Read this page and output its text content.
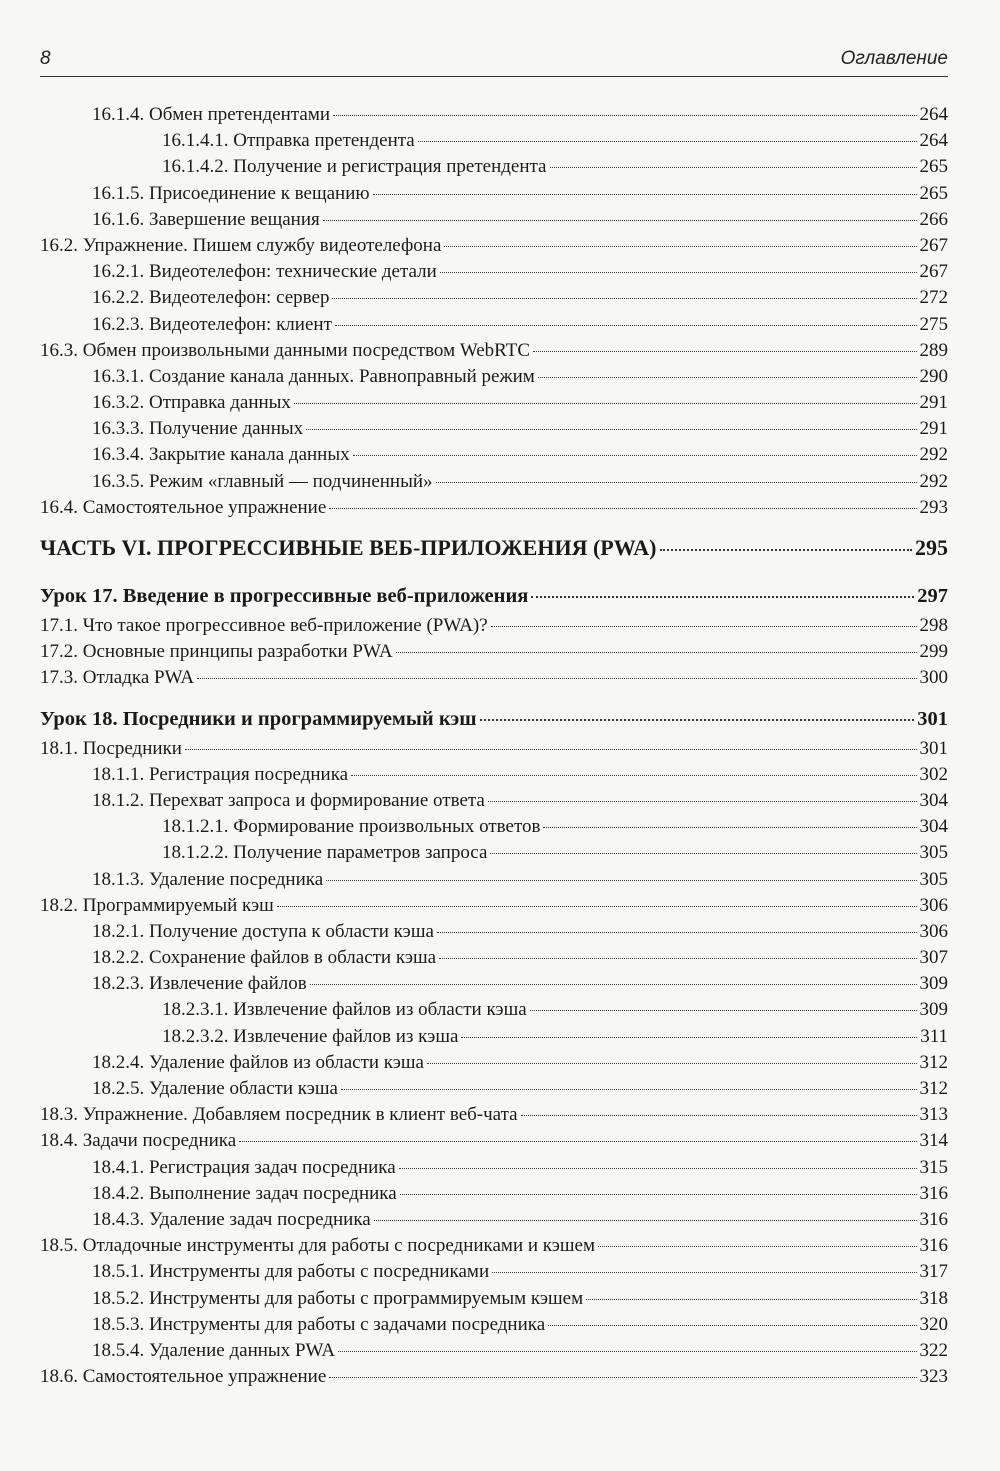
8	Оглавление
16.1.4. Обмен претендентами	264
16.1.4.1. Отправка претендента	264
16.1.4.2. Получение и регистрация претендента	265
16.1.5. Присоединение к вещанию	265
16.1.6. Завершение вещания	266
16.2. Упражнение. Пишем службу видеотелефона	267
16.2.1. Видеотелефон: технические детали	267
16.2.2. Видеотелефон: сервер	272
16.2.3. Видеотелефон: клиент	275
16.3. Обмен произвольными данными посредством WebRTC	289
16.3.1. Создание канала данных. Равноправный режим	290
16.3.2. Отправка данных	291
16.3.3. Получение данных	291
16.3.4. Закрытие канала данных	292
16.3.5. Режим «главный — подчиненный»	292
16.4. Самостоятельное упражнение	293
ЧАСТЬ VI. ПРОГРЕССИВНЫЕ ВЕБ-ПРИЛОЖЕНИЯ (PWA)	295
Урок 17. Введение в прогрессивные веб-приложения	297
17.1. Что такое прогрессивное веб-приложение (PWA)?	298
17.2. Основные принципы разработки PWA	299
17.3. Отладка PWA	300
Урок 18. Посредники и программируемый кэш	301
18.1. Посредники	301
18.1.1. Регистрация посредника	302
18.1.2. Перехват запроса и формирование ответа	304
18.1.2.1. Формирование произвольных ответов	304
18.1.2.2. Получение параметров запроса	305
18.1.3. Удаление посредника	305
18.2. Программируемый кэш	306
18.2.1. Получение доступа к области кэша	306
18.2.2. Сохранение файлов в области кэша	307
18.2.3. Извлечение файлов	309
18.2.3.1. Извлечение файлов из области кэша	309
18.2.3.2. Извлечение файлов из кэша	311
18.2.4. Удаление файлов из области кэша	312
18.2.5. Удаление области кэша	312
18.3. Упражнение. Добавляем посредник в клиент веб-чата	313
18.4. Задачи посредника	314
18.4.1. Регистрация задач посредника	315
18.4.2. Выполнение задач посредника	316
18.4.3. Удаление задач посредника	316
18.5. Отладочные инструменты для работы с посредниками и кэшем	316
18.5.1. Инструменты для работы с посредниками	317
18.5.2. Инструменты для работы с программируемым кэшем	318
18.5.3. Инструменты для работы с задачами посредника	320
18.5.4. Удаление данных PWA	322
18.6. Самостоятельное упражнение	323
